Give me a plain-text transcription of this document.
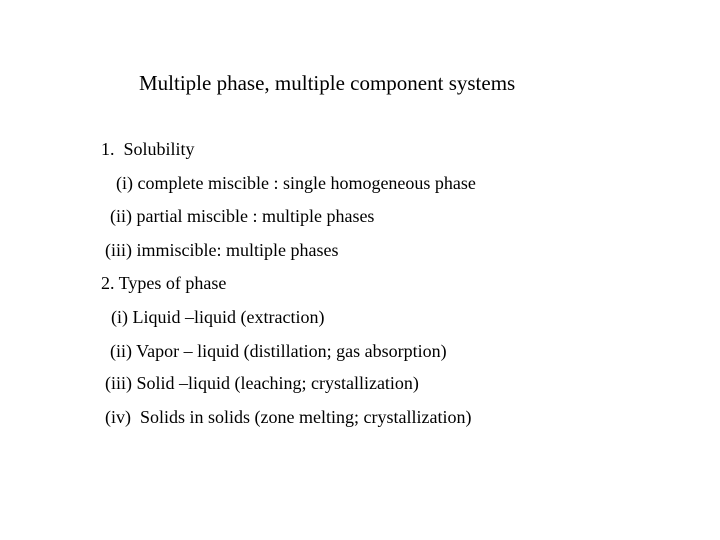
Multiple phase, multiple component systems
1.  Solubility
(i) complete miscible : single homogeneous phase
(ii) partial miscible : multiple phases
(iii) immiscible: multiple phases
2. Types of phase
(i) Liquid –liquid (extraction)
(ii) Vapor – liquid (distillation; gas absorption)
(iii) Solid –liquid (leaching; crystallization)
(iv)  Solids in solids (zone melting; crystallization)
